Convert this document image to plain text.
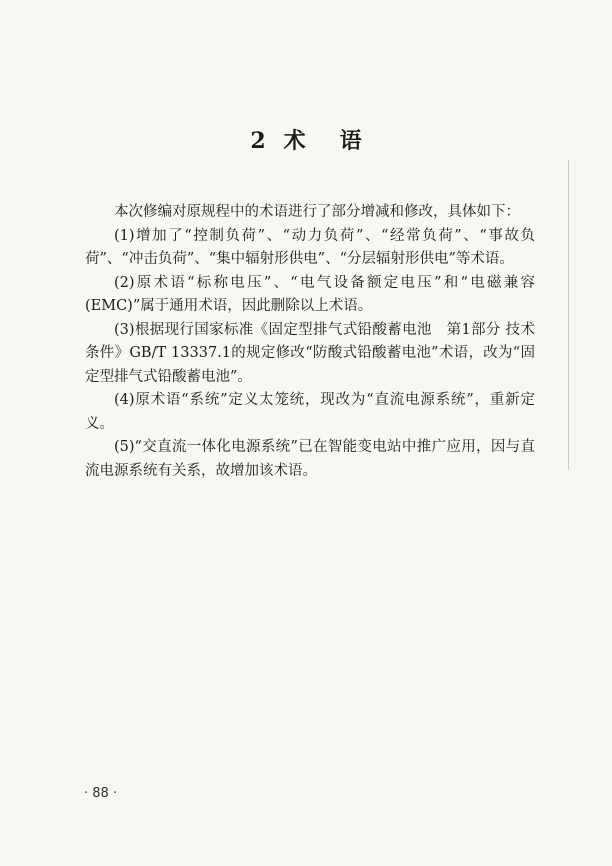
2 术 语

本次修编对原规程中的术语进行了部分增减和修改，具体如下：

(1)增加了“控制负荷”、“动力负荷”、“经常负荷”、“事故负荷”、“冲击负荷”、“集中辐射形供电”、“分层辐射形供电”等术语。

(2)原术语“标称电压”、“电气设备额定电压”和“电磁兼容(EMC)”属于通用术语，因此删除以上术语。

(3)根据现行国家标准《固定型排气式铅酸蓄电池　第1部分 技术条件》GB/T 13337.1的规定修改“防酸式铅酸蓄电池”术语，改为“固定型排气式铅酸蓄电池”。

(4)原术语“系统”定义太笼统，现改为“直流电源系统”，重新定义。

(5)“交直流一体化电源系统”已在智能变电站中推广应用，因与直流电源系统有关系，故增加该术语。

· 88 ·
